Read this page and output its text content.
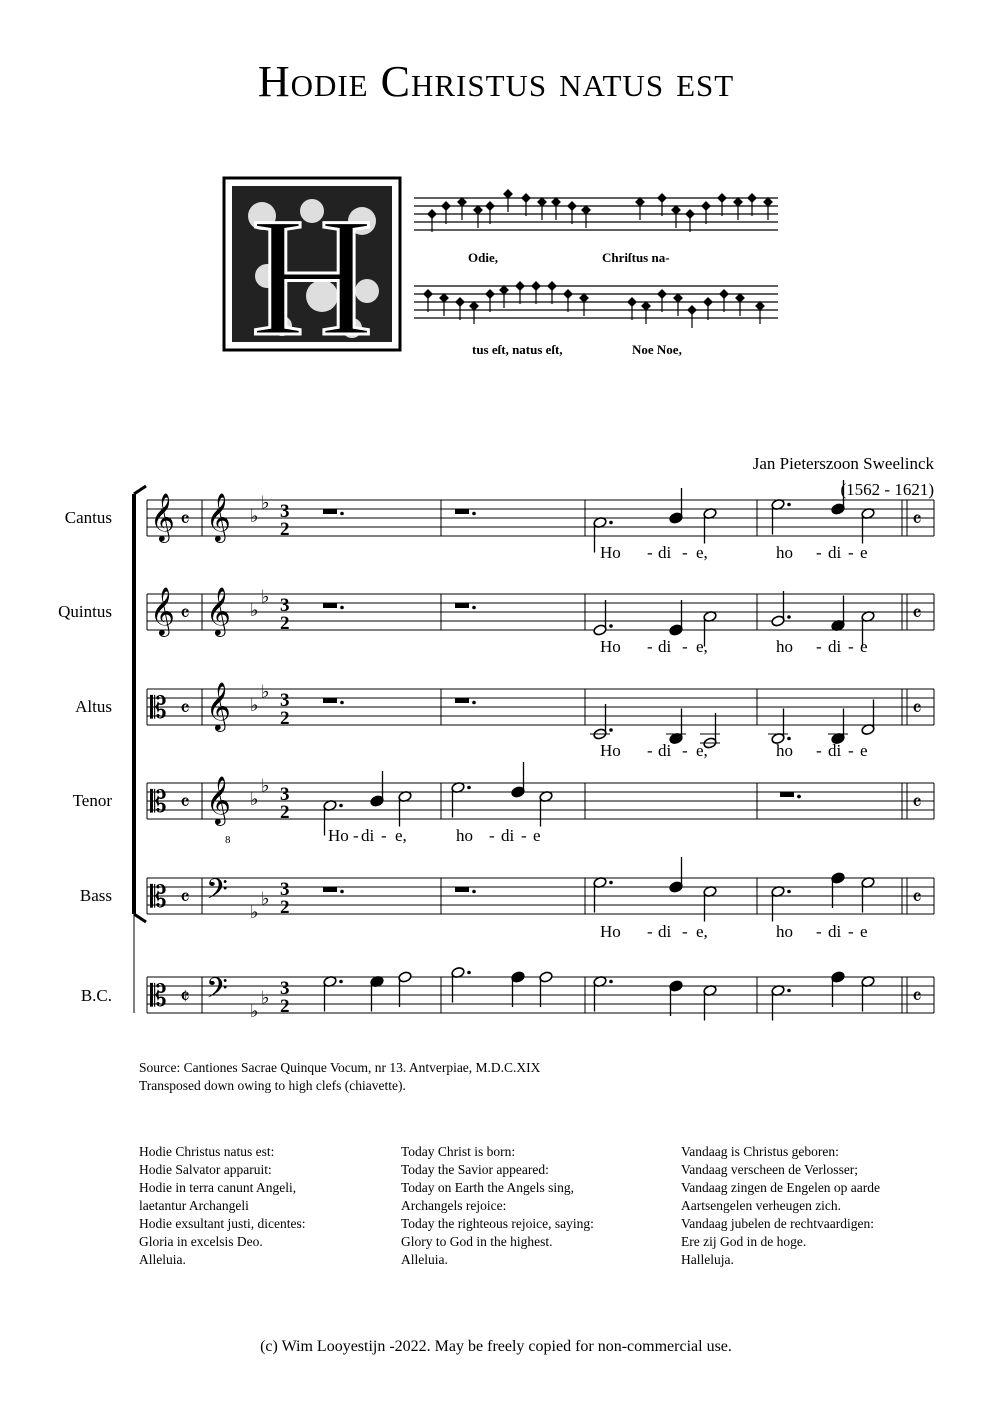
Hodie Christus natus est
H	Odie,	Chriſtus na-
tus eſt, natus eſt,	Noe Noe,
Jan Pieterszoon Sweelinck
(1562 - 1621)
Cantus
Quintus
Altus
Tenor
Bass
B.C.
𝄞 𝄴 𝄞 ♭
♭ 3
2	𝄴
𝄞 𝄴 𝄞 ♭
♭ 3
2	𝄴
𝄡 𝄴 𝄞 ♭
♭ 3
2	𝄴
𝄡 𝄴 𝄞
8
♭
♭ 3
2	𝄴
𝄡 𝄴 𝄢 ♭
♭ 3
2	𝄴
𝄡 𝄵 𝄢 ♭
♭ 3
2	𝄴
Ho - di - e,	ho - di - e
Ho - di - e,	ho - di - e
Ho - di - e,	ho - di - e
Ho - di - e,	ho - di - e
Ho - di - e,	ho - di - e
Source: Cantiones Sacrae Quinque Vocum, nr 13. Antverpiae, M.D.C.XIX
Transposed down owing to high clefs (chiavette).
Hodie Christus natus est:
Hodie Salvator apparuit:
Hodie in terra canunt Angeli,
laetantur Archangeli
Hodie exsultant justi, dicentes:
Gloria in excelsis Deo.
Alleluia.
Today Christ is born:
Today the Savior appeared:
Today on Earth the Angels sing,
Archangels rejoice:
Today the righteous rejoice, saying:
Glory to God in the highest.
Alleluia.
Vandaag is Christus geboren:
Vandaag verscheen de Verlosser;
Vandaag zingen de Engelen op aarde
Aartsengelen verheugen zich.
Vandaag jubelen de rechtvaardigen:
Ere zij God in de hoge.
Halleluja.
(c) Wim Looyestijn -2022. May be freely copied for non-commercial use.
